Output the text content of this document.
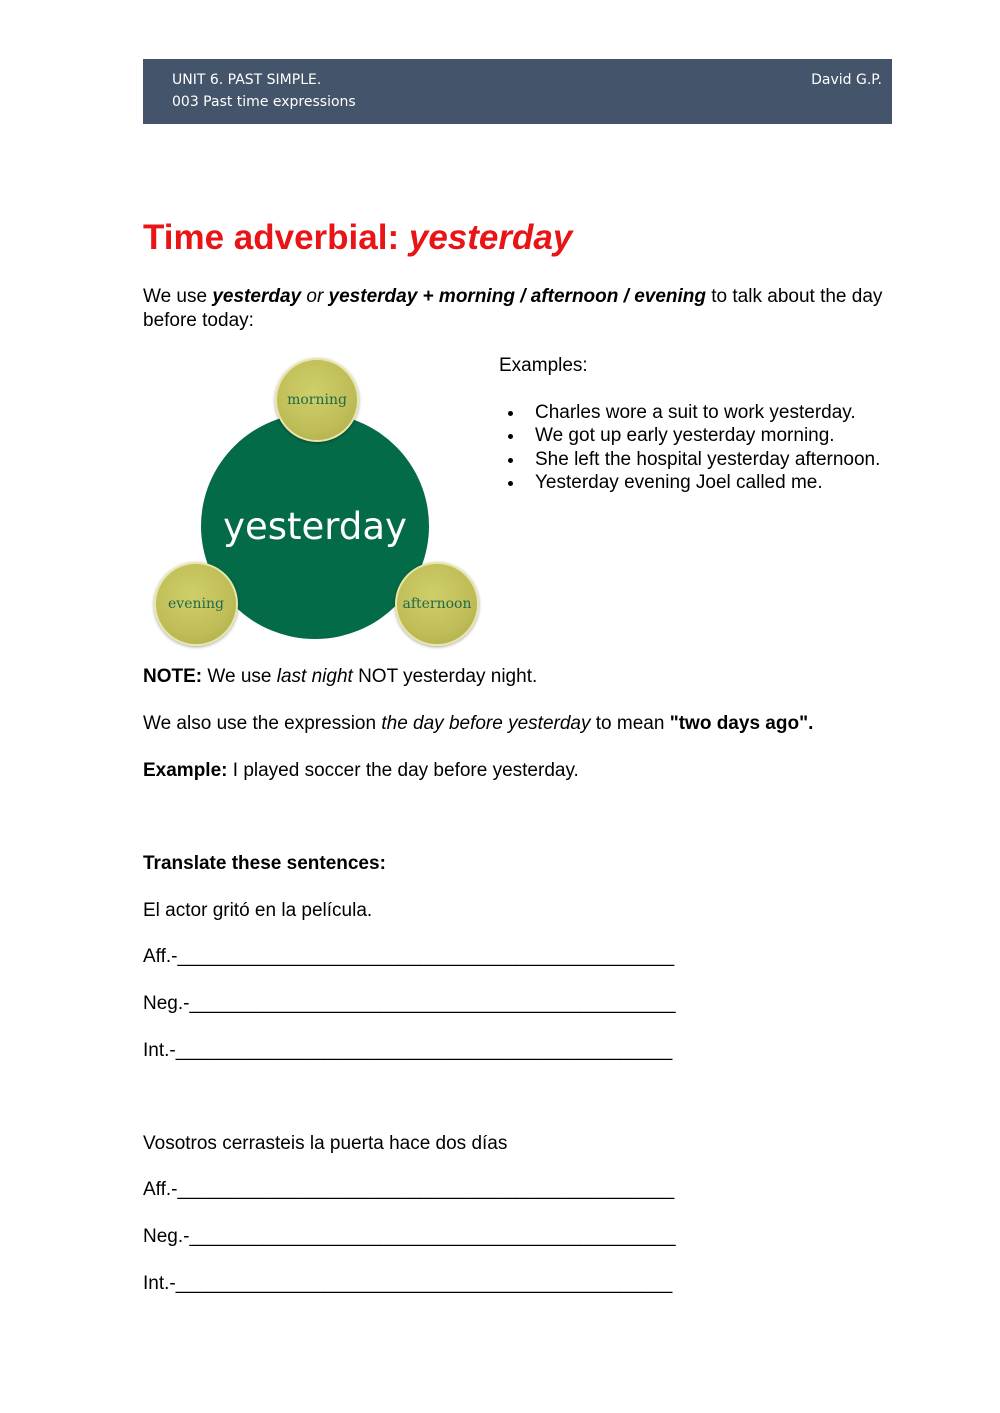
UNIT 6. PAST SIMPLE.
003 Past time expressions
David G.P.
Time adverbial: yesterday
We use yesterday or yesterday + morning / afternoon / evening to talk about the day before today:
yesterday
morning
evening	afternoon
Examples:
Charles wore a suit to work yesterday.
We got up early yesterday morning.
She left the hospital yesterday afternoon.
Yesterday evening Joel called me.
NOTE: We use last night NOT yesterday night.
We also use the expression the day before yesterday to mean "two days ago".
Example: I played soccer the day before yesterday.
Translate these sentences:
El actor gritó en la película.
Aff.-_______________________________________________
Neg.-______________________________________________
Int.-_______________________________________________
Vosotros cerrasteis la puerta hace dos días
Aff.-_______________________________________________
Neg.-______________________________________________
Int.-_______________________________________________
